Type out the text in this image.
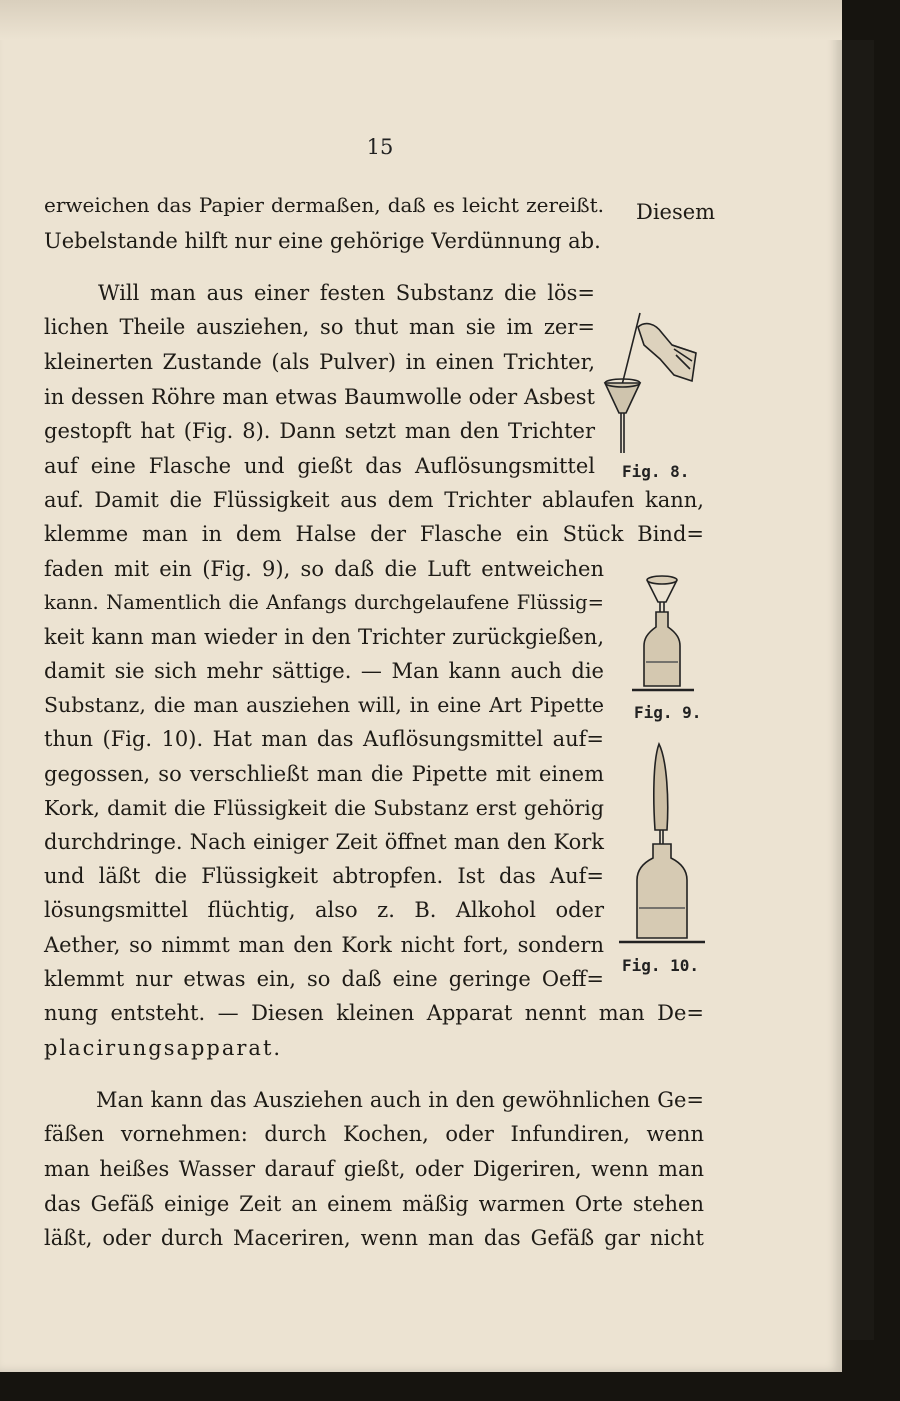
15
erweichen das Papier dermaßen, daß es leicht zereißt. Diesem
Uebelstande hilft nur eine gehörige Verdünnung ab.
Will man aus einer festen Substanz die lös=
lichen Theile ausziehen, so thut man sie im zer=
kleinerten Zustande (als Pulver) in einen Trichter,
in dessen Röhre man etwas Baumwolle oder Asbest
gestopft hat (Fig. 8). Dann setzt man den Trichter
auf eine Flasche und gießt das Auflösungsmittel
auf. Damit die Flüssigkeit aus dem Trichter ablaufen kann,
klemme man in dem Halse der Flasche ein Stück Bind=
faden mit ein (Fig. 9), so daß die Luft entweichen
kann. Namentlich die Anfangs durchgelaufene Flüssig=
keit kann man wieder in den Trichter zurückgießen,
damit sie sich mehr sättige. — Man kann auch die
Substanz, die man ausziehen will, in eine Art Pipette
thun (Fig. 10). Hat man das Auflösungsmittel auf=
gegossen, so verschließt man die Pipette mit einem
Kork, damit die Flüssigkeit die Substanz erst gehörig
durchdringe. Nach einiger Zeit öffnet man den Kork
und läßt die Flüssigkeit abtropfen. Ist das Auf=
lösungsmittel flüchtig, also z. B. Alkohol oder
Aether, so nimmt man den Kork nicht fort, sondern
klemmt nur etwas ein, so daß eine geringe Oeff=
nung entsteht. — Diesen kleinen Apparat nennt man De=
placirungsapparat.
Man kann das Ausziehen auch in den gewöhnlichen Ge=
fäßen vornehmen: durch Kochen, oder Infundiren, wenn
man heißes Wasser darauf gießt, oder Digeriren, wenn man
das Gefäß einige Zeit an einem mäßig warmen Orte stehen
läßt, oder durch Maceriren, wenn man das Gefäß gar nicht
Fig. 8.
Fig. 9.
Fig. 10.
